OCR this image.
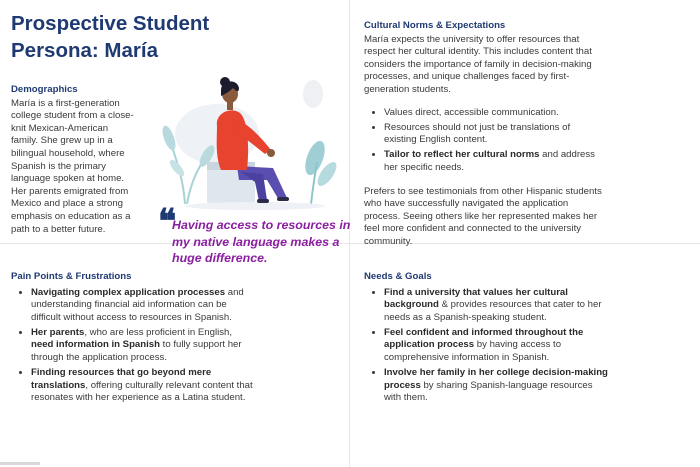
Prospective Student Persona: María
Demographics
María is a first-generation college student from a close-knit Mexican-American family. She grew up in a bilingual household, where Spanish is the primary language spoken at home. Her parents emigrated from Mexico and place a strong emphasis on education as a path to a better future.	❝
Having access to resources in my native language makes a huge difference.
Cultural Norms & Expectations
María expects the university to offer resources that respect her cultural identity. This includes content that considers the importance of family in decision-making processes, and unique challenges faced by first-generation students.
• Values direct, accessible communication.
• Resources should not just be translations of existing English content.
• Tailor to reflect her cultural norms and address her specific needs.
Prefers to see testimonials from other Hispanic students who have successfully navigated the application process. Seeing others like her represented makes her feel more confident and connected to the university community.
Pain Points & Frustrations
• Navigating complex application processes and understanding financial aid information can be difficult without access to resources in Spanish.
• Her parents, who are less proficient in English, need information in Spanish to fully support her through the application process.
• Finding resources that go beyond mere translations, offering culturally relevant content that resonates with her experience as a Latina student.
Needs & Goals
• Find a university that values her cultural background & provides resources that cater to her needs as a Spanish-speaking student.
• Feel confident and informed throughout the application process by having access to comprehensive information in Spanish.
• Involve her family in her college decision-making process by sharing Spanish-language resources with them.
